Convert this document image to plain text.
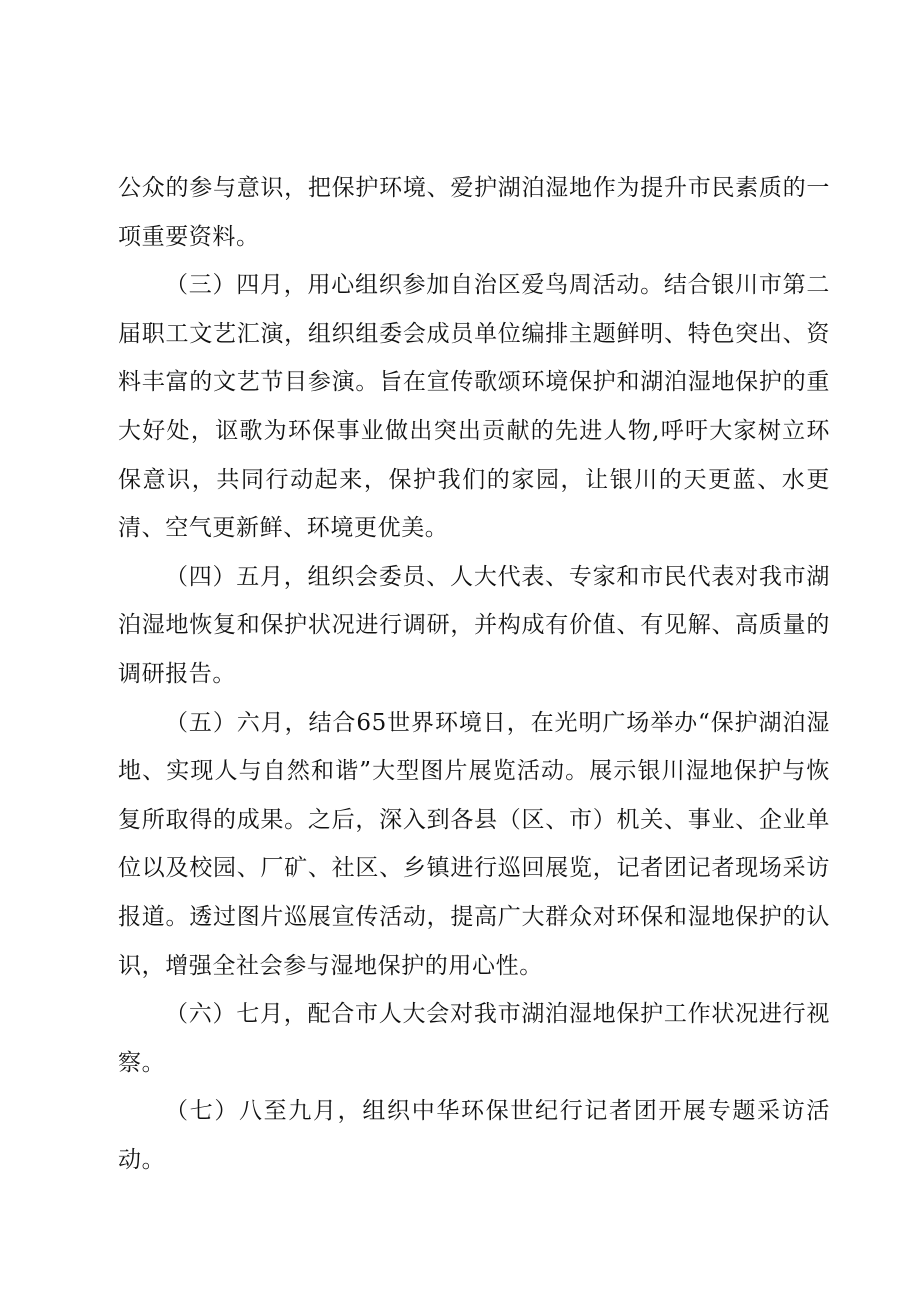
公众的参与意识，把保护环境、爱护湖泊湿地作为提升市民素质的一项重要资料。

（三）四月，用心组织参加自治区爱鸟周活动。结合银川市第二届职工文艺汇演，组织组委会成员单位编排主题鲜明、特色突出、资料丰富的文艺节目参演。旨在宣传歌颂环境保护和湖泊湿地保护的重大好处，讴歌为环保事业做出突出贡献的先进人物,呼吁大家树立环保意识，共同行动起来，保护我们的家园，让银川的天更蓝、水更清、空气更新鲜、环境更优美。

（四）五月，组织会委员、人大代表、专家和市民代表对我市湖泊湿地恢复和保护状况进行调研，并构成有价值、有见解、高质量的调研报告。

（五）六月，结合65世界环境日，在光明广场举办“保护湖泊湿地、实现人与自然和谐”大型图片展览活动。展示银川湿地保护与恢复所取得的成果。之后，深入到各县（区、市）机关、事业、企业单位以及校园、厂矿、社区、乡镇进行巡回展览，记者团记者现场采访报道。透过图片巡展宣传活动，提高广大群众对环保和湿地保护的认识，增强全社会参与湿地保护的用心性。

（六）七月，配合市人大会对我市湖泊湿地保护工作状况进行视察。

（七）八至九月，组织中华环保世纪行记者团开展专题采访活动。
